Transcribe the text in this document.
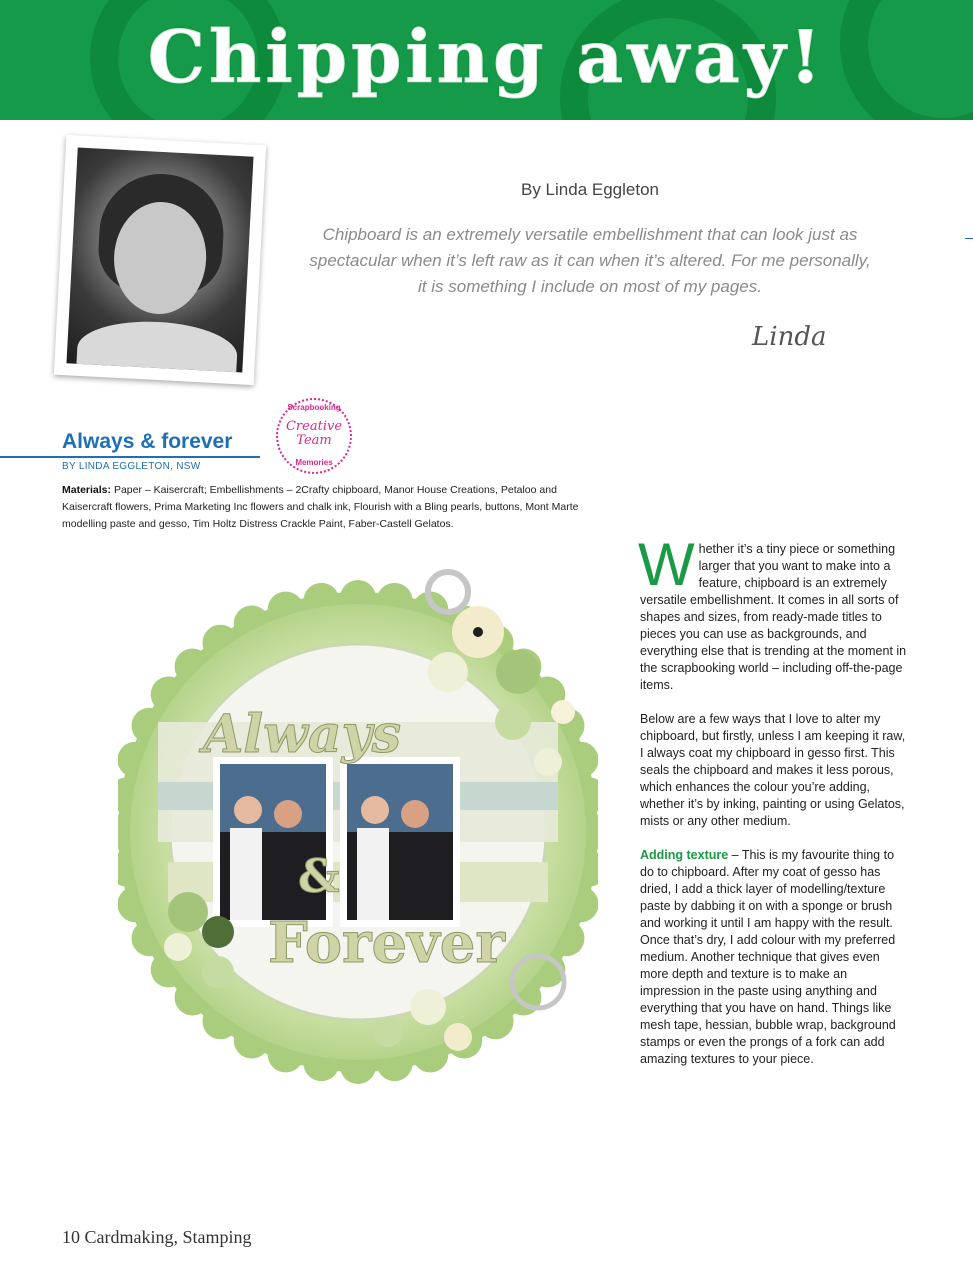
Chipping away!
By Linda Eggleton
Chipboard is an extremely versatile embellishment that can look just as
spectacular when it’s left raw as it can when it’s altered. For me personally,
it is something I include on most of my pages.
Linda
Always & forever
BY LINDA EGGLETON, NSW
Scrapbooking
Creative
Team
Memories
Materials: Paper – Kaisercraft; Embellishments – 2Crafty chipboard, Manor House Creations, Petaloo and Kaisercraft flowers, Prima Marketing Inc flowers and chalk ink, Flourish with a Bling pearls, buttons, Mont Marte modelling paste and gesso, Tim Holtz Distress Crackle Paint, Faber-Castell Gelatos.
Always
&
Forever

Whether it’s a tiny piece or something larger that you want to make into a feature, chipboard is an extremely versatile embellishment. It comes in all sorts of shapes and sizes, from ready-made titles to pieces you can use as backgrounds, and everything else that is trending at the moment in the scrapbooking world – including off-the-page items.

Below are a few ways that I love to alter my chipboard, but firstly, unless I am keeping it raw, I always coat my chipboard in gesso first. This seals the chipboard and makes it less porous, which enhances the colour you’re adding, whether it’s by inking, painting or using Gelatos, mists or any other medium.

Adding texture – This is my favourite thing to do to chipboard. After my coat of gesso has dried, I add a thick layer of modelling/texture paste by dabbing it on with a sponge or brush and working it until I am happy with the result. Once that’s dry, I add colour with my preferred medium. Another technique that gives even more depth and texture is to make an impression in the paste using anything and everything that you have on hand. Things like mesh tape, hessian, bubble wrap, background stamps or even the prongs of a fork can add amazing textures to your piece.

10 Cardmaking, Stamping
